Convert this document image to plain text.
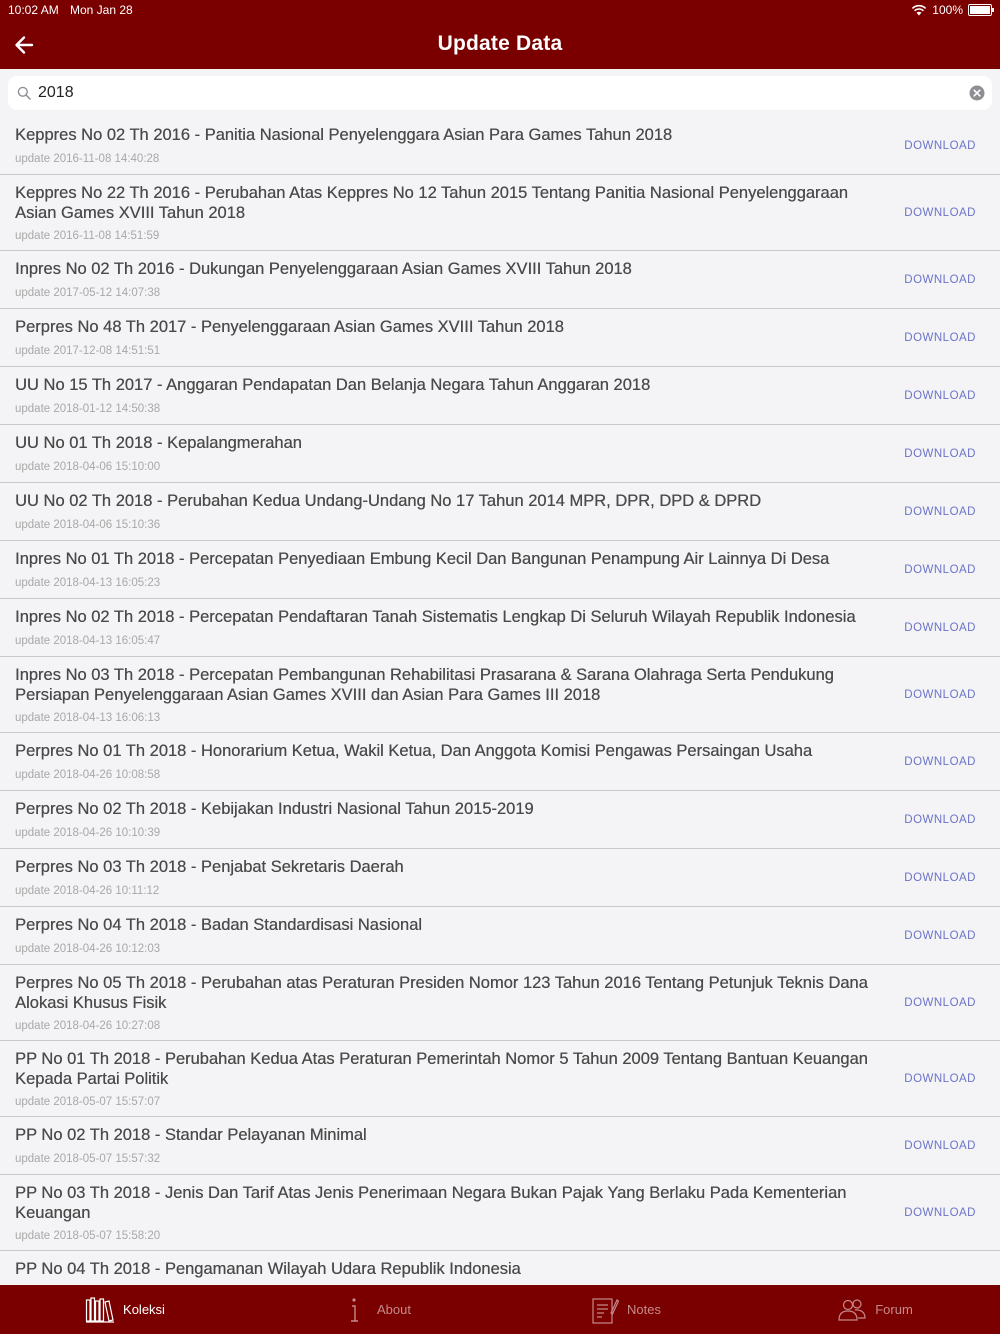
10:02 AM Mon Jan 28	100%
Update Data
2018
Keppres No 02 Th 2016 - Panitia Nasional Penyelenggara Asian Para Games Tahun 2018
update 2016-11-08 14:40:28
DOWNLOAD
Keppres No 22 Th 2016 - Perubahan Atas Keppres No 12 Tahun 2015 Tentang Panitia Nasional Penyelenggaraan Asian Games XVIII Tahun 2018
update 2016-11-08 14:51:59
DOWNLOAD
Inpres No 02 Th 2016 - Dukungan Penyelenggaraan Asian Games XVIII Tahun 2018
update 2017-05-12 14:07:38
DOWNLOAD
Perpres No 48 Th 2017 - Penyelenggaraan Asian Games XVIII Tahun 2018
update 2017-12-08 14:51:51
DOWNLOAD
UU No 15 Th 2017 - Anggaran Pendapatan Dan Belanja Negara Tahun Anggaran 2018
update 2018-01-12 14:50:38
DOWNLOAD
UU No 01 Th 2018 - Kepalangmerahan
update 2018-04-06 15:10:00
DOWNLOAD
UU No 02 Th 2018 - Perubahan Kedua Undang-Undang No 17 Tahun 2014 MPR, DPR, DPD & DPRD
update 2018-04-06 15:10:36
DOWNLOAD
Inpres No 01 Th 2018 - Percepatan Penyediaan Embung Kecil Dan Bangunan Penampung Air Lainnya Di Desa
update 2018-04-13 16:05:23
DOWNLOAD
Inpres No 02 Th 2018 - Percepatan Pendaftaran Tanah Sistematis Lengkap Di Seluruh Wilayah Republik Indonesia
update 2018-04-13 16:05:47
DOWNLOAD
Inpres No 03 Th 2018 - Percepatan Pembangunan Rehabilitasi Prasarana & Sarana Olahraga Serta Pendukung Persiapan Penyelenggaraan Asian Games XVIII dan Asian Para Games III 2018
update 2018-04-13 16:06:13
DOWNLOAD
Perpres No 01 Th 2018 - Honorarium Ketua, Wakil Ketua, Dan Anggota Komisi Pengawas Persaingan Usaha
update 2018-04-26 10:08:58
DOWNLOAD
Perpres No 02 Th 2018 - Kebijakan Industri Nasional Tahun 2015-2019
update 2018-04-26 10:10:39
DOWNLOAD
Perpres No 03 Th 2018 - Penjabat Sekretaris Daerah
update 2018-04-26 10:11:12
DOWNLOAD
Perpres No 04 Th 2018 - Badan Standardisasi Nasional
update 2018-04-26 10:12:03
DOWNLOAD
Perpres No 05 Th 2018 - Perubahan atas Peraturan Presiden Nomor 123 Tahun 2016 Tentang Petunjuk Teknis Dana Alokasi Khusus Fisik
update 2018-04-26 10:27:08
DOWNLOAD
PP No 01 Th 2018 - Perubahan Kedua Atas Peraturan Pemerintah Nomor 5 Tahun 2009 Tentang Bantuan Keuangan Kepada Partai Politik
update 2018-05-07 15:57:07
DOWNLOAD
PP No 02 Th 2018 - Standar Pelayanan Minimal
update 2018-05-07 15:57:32
DOWNLOAD
PP No 03 Th 2018 - Jenis Dan Tarif Atas Jenis Penerimaan Negara Bukan Pajak Yang Berlaku Pada Kementerian Keuangan
update 2018-05-07 15:58:20
DOWNLOAD
PP No 04 Th 2018 - Pengamanan Wilayah Udara Republik Indonesia
Koleksi	About	Notes	Forum
